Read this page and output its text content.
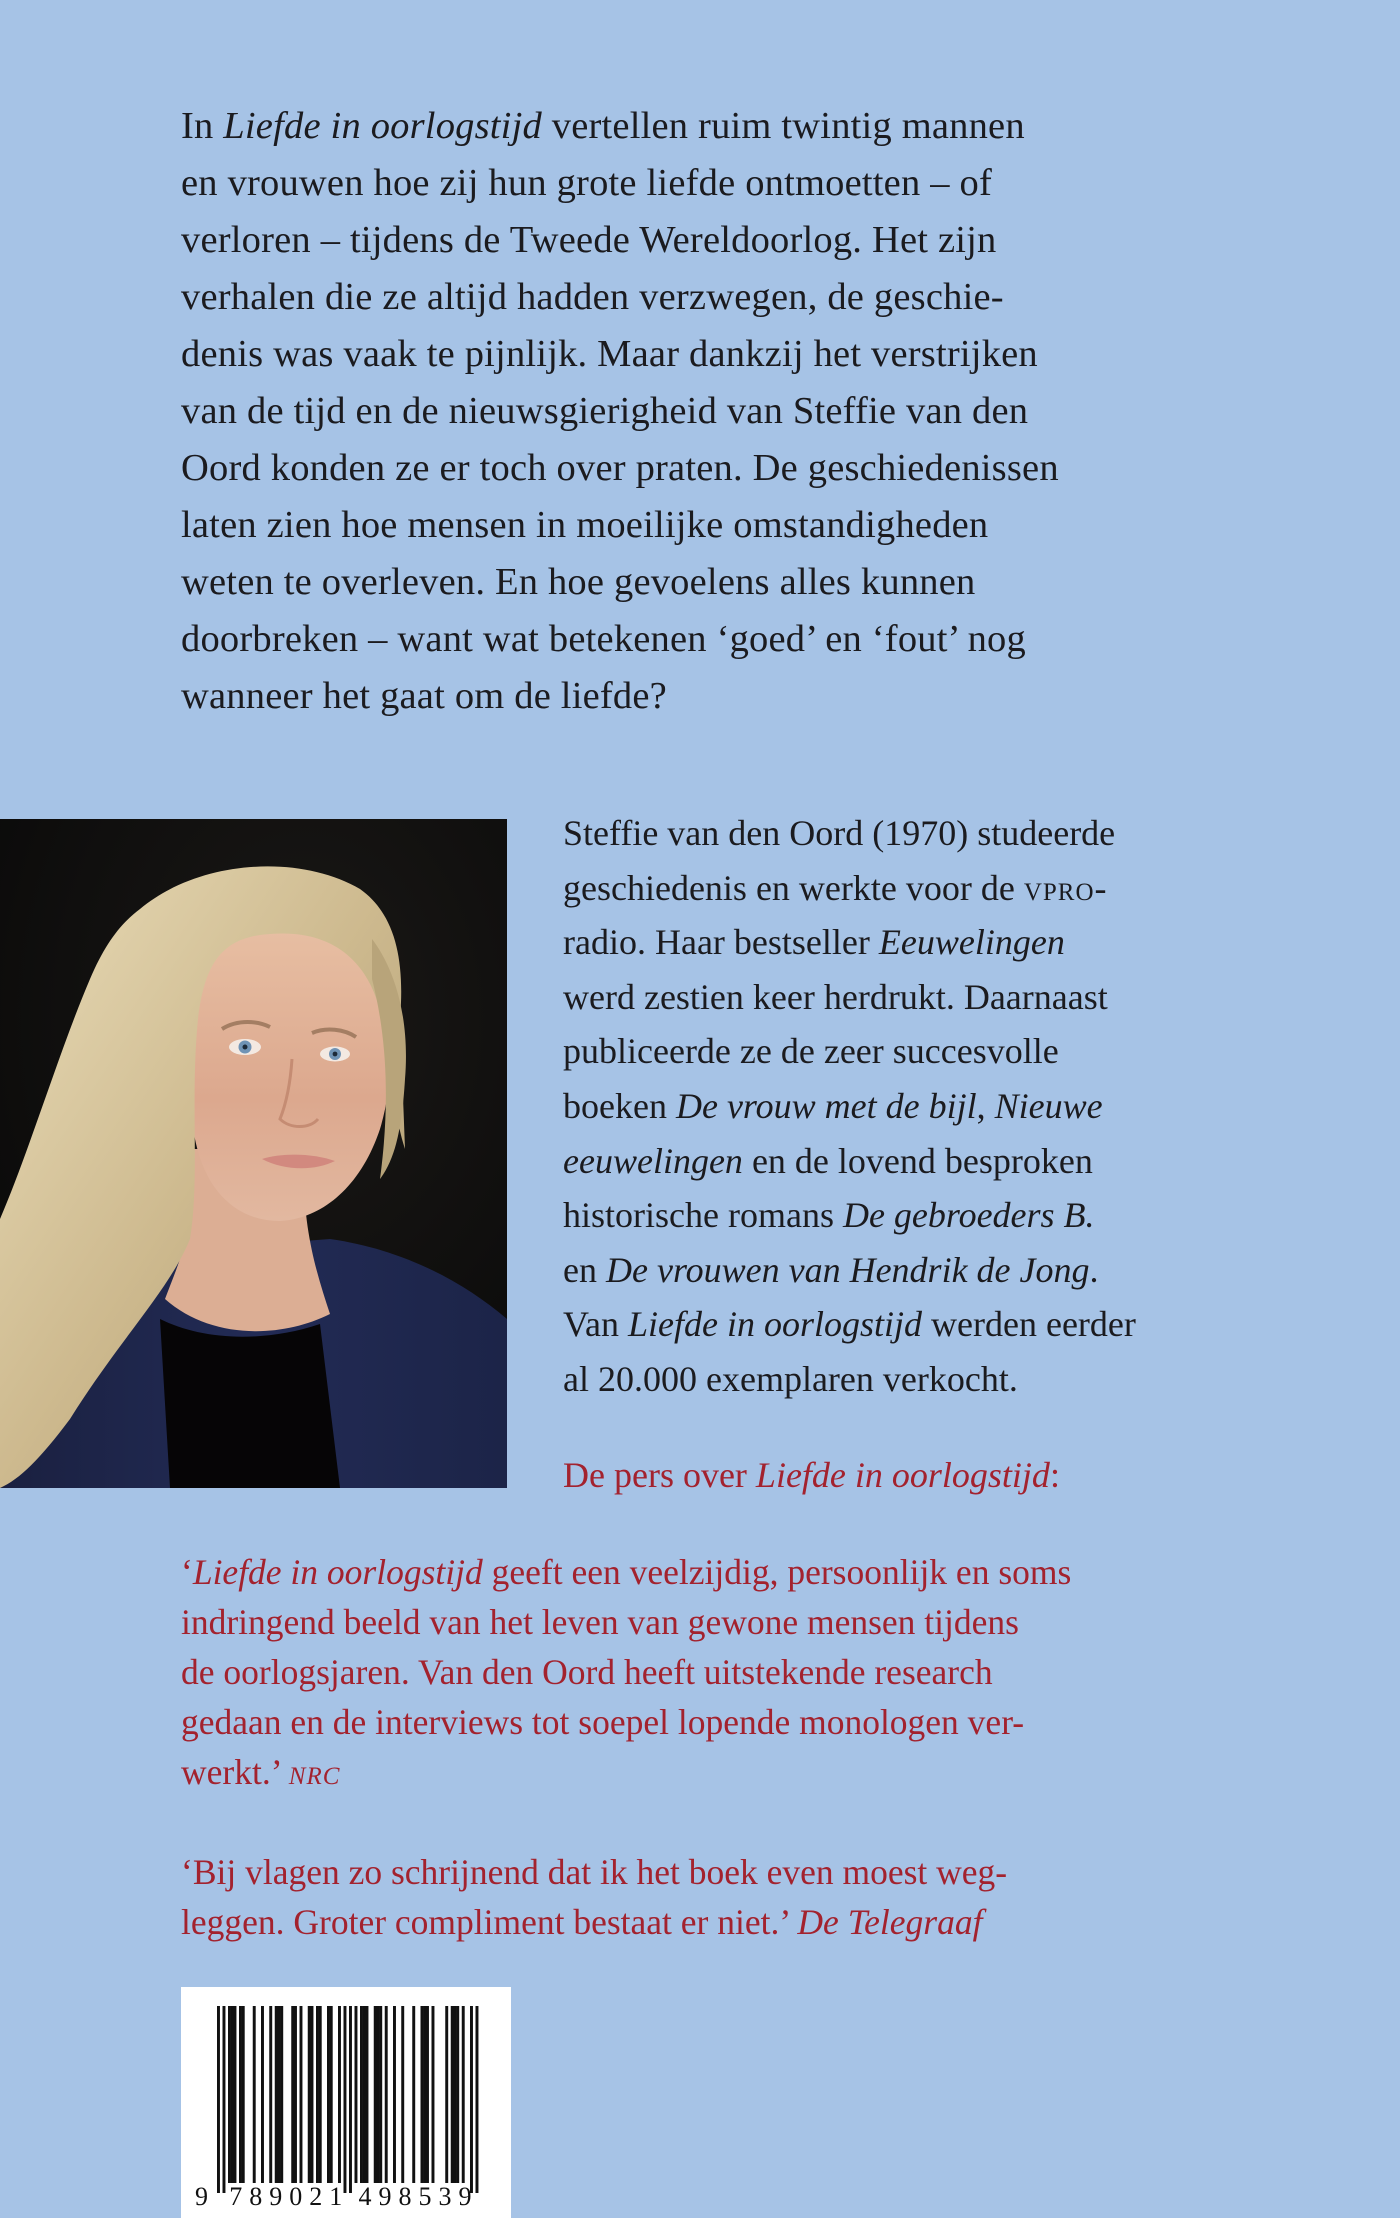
In Liefde in oorlogstijd vertellen ruim twintig mannen
en vrouwen hoe zij hun grote liefde ontmoetten – of
verloren – tijdens de Tweede Wereldoorlog. Het zijn
verhalen die ze altijd hadden verzwegen, de geschie-
denis was vaak te pijnlijk. Maar dankzij het verstrijken
van de tijd en de nieuwsgierigheid van Steffie van den
Oord konden ze er toch over praten. De geschiedenissen
laten zien hoe mensen in moeilijke omstandigheden
weten te overleven. En hoe gevoelens alles kunnen
doorbreken – want wat betekenen ‘goed’ en ‘fout’ nog
wanneer het gaat om de liefde?
Steffie van den Oord (1970) studeerde
geschiedenis en werkte voor de vpro-
radio. Haar bestseller Eeuwelingen
werd zestien keer herdrukt. Daarnaast
publiceerde ze de zeer succesvolle
boeken De vrouw met de bijl, Nieuwe
eeuwelingen en de lovend besproken
historische romans De gebroeders B.
en De vrouwen van Hendrik de Jong.
Van Liefde in oorlogstijd werden eerder
al 20.000 exemplaren verkocht.
De pers over Liefde in oorlogstijd:
‘Liefde in oorlogstijd geeft een veelzijdig, persoonlijk en soms
indringend beeld van het leven van gewone mensen tijdens
de oorlogsjaren. Van den Oord heeft uitstekende research
gedaan en de interviews tot soepel lopende monologen ver-
werkt.’ nrc
‘Bij vlagen zo schrijnend dat ik het boek even moest weg-
leggen. Groter compliment bestaat er niet.’ De Telegraaf
9 789021 498539
